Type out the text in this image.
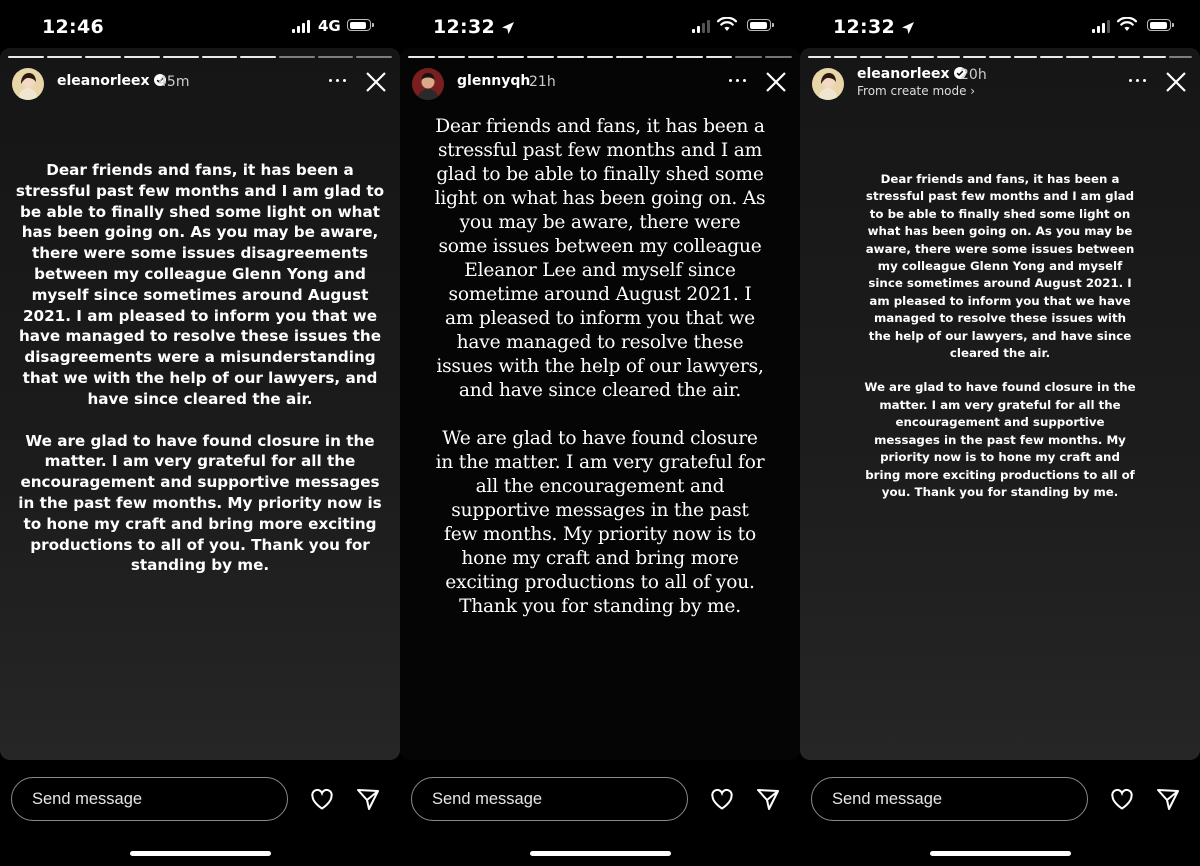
12:46	4G
eleanorleex 45m

Dear friends and fans, it has been a stressful past few months and I am glad to be able to finally shed some light on what has been going on. As you may be aware, there were some issues disagreements between my colleague Glenn Yong and myself since sometimes around August 2021. I am pleased to inform you that we have managed to resolve these issues the disagreements were a misunderstanding that we with the help of our lawyers, and have since cleared the air.

We are glad to have found closure in the matter. I am very grateful for all the encouragement and supportive messages in the past few months. My priority now is to hone my craft and bring more exciting productions to all of you. Thank you for standing by me.

Send message
12:32
glennyqh
21h

Dear friends and fans, it has been a stressful past few months and I am glad to be able to finally shed some light on what has been going on. As you may be aware, there were some issues between my colleague Eleanor Lee and myself since sometime around August 2021. I am pleased to inform you that we have managed to resolve these issues with the help of our lawyers, and have since cleared the air.

We are glad to have found closure in the matter. I am very grateful for all the encouragement and supportive messages in the past few months. My priority now is to hone my craft and bring more exciting productions to all of you. Thank you for standing by me.

Send message
12:32
eleanorleex 20h
From create mode ›

Dear friends and fans, it has been a stressful past few months and I am glad to be able to finally shed some light on what has been going on. As you may be aware, there were some issues between my colleague Glenn Yong and myself since sometimes around August 2021. I am pleased to inform you that we have managed to resolve these issues with the help of our lawyers, and have since cleared the air.

We are glad to have found closure in the matter. I am very grateful for all the encouragement and supportive messages in the past few months. My priority now is to hone my craft and bring more exciting productions to all of you. Thank you for standing by me.

Send message
